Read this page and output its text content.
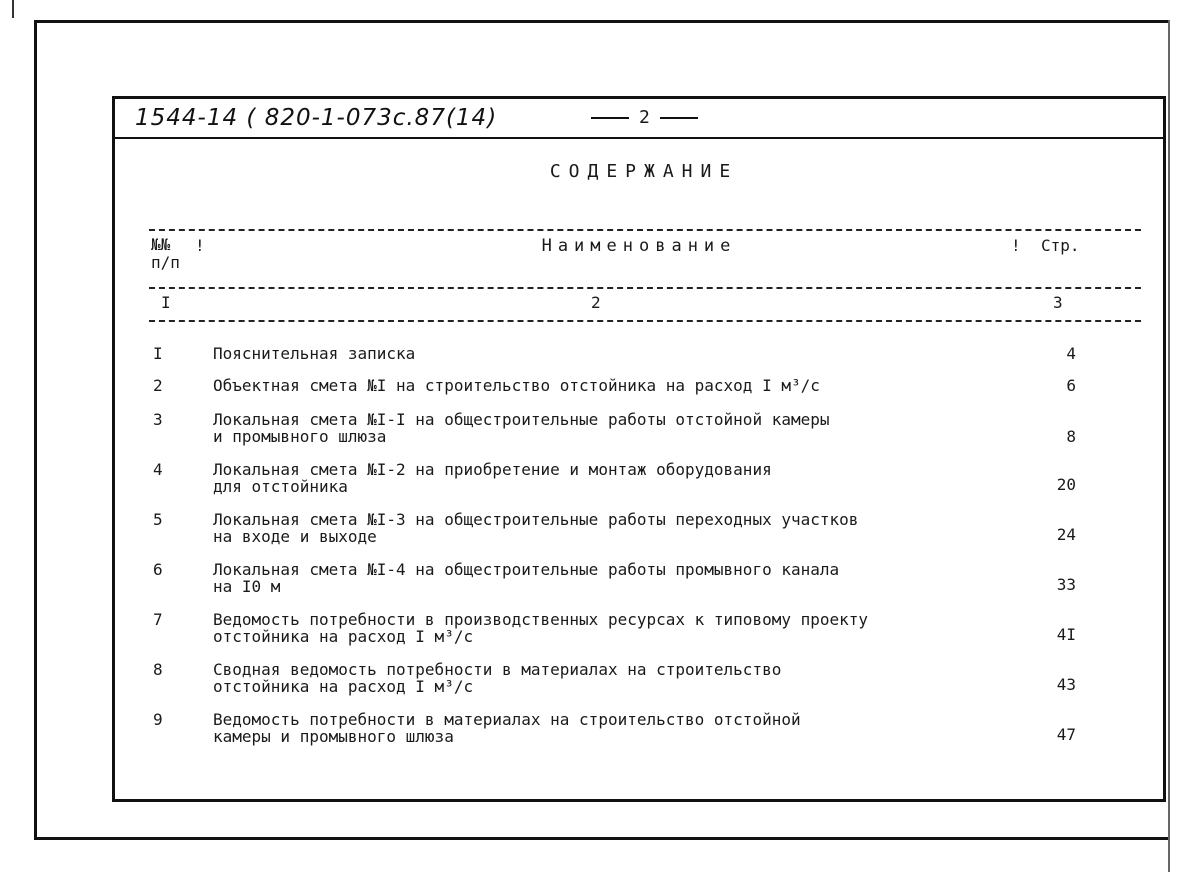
1544-14 ( 820-1-073с.87(14)	2
СОДЕРЖАНИЕ
№№
п/п
!	Наименование	! Стр.
I	2	3
I	Пояснительная записка	4
2	Объектная смета №I на строительство отстойника на расход I м³/с	6
3	Локальная смета №I-I на общестроительные работы отстойной камеры
и промывного шлюза	8
4	Локальная смета №I-2 на приобретение и монтаж оборудования
для отстойника	20
5	Локальная смета №I-3 на общестроительные работы переходных участков
на входе и выходе	24
6	Локальная смета №I-4 на общестроительные работы промывного канала
на I0 м	33
7	Ведомость потребности в производственных ресурсах к типовому проекту
отстойника на расход I м³/с	4I
8	Сводная ведомость потребности в материалах на строительство
отстойника на расход I м³/с	43
9	Ведомость потребности в материалах на строительство отстойной
камеры и промывного шлюза	47
